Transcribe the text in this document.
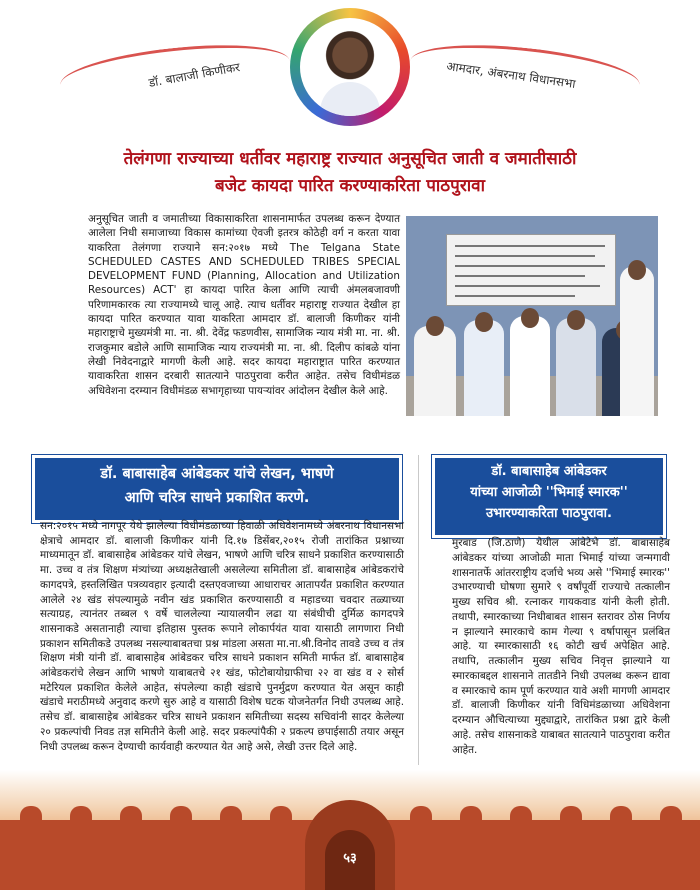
डॉ. बालाजी किणीकर	आमदार, अंबरनाथ विधानसभा
तेलंगणा राज्याच्या धर्तीवर महाराष्ट्र राज्यात अनुसूचित जाती व जमातीसाठी
बजेट कायदा पारित करण्याकरिता पाठपुरावा
अनुसूचित जाती व जमातीच्या विकासाकरिता शासनामार्फत उपलब्ध करून देण्यात आलेला निधी समाजाच्या विकास कामांच्या ऐवजी इतरत्र कोठेही वर्ग न करता यावा याकरिता तेलंगणा राज्याने सन:२०१७ मध्ये The Telgana State SCHEDULED CASTES AND SCHEDULED TRIBES SPECIAL DEVELOPMENT FUND (Planning, Allocation and Utilization Resources) ACT' हा कायदा पारित केला आणि त्याची अंमलबजावणी परिणामकारक त्या राज्यामध्ये चालू आहे. त्याच धर्तीवर महाराष्ट्र राज्यात देखील हा कायदा पारित करण्यात यावा याकरिता आमदार डॉ. बालाजी किणीकर यांनी महाराष्ट्राचे मुख्यमंत्री मा. ना. श्री. देवेंद्र फडणवीस, सामाजिक न्याय मंत्री मा. ना. श्री. राजकुमार बडोले आणि सामाजिक न्याय राज्यमंत्री मा. ना. श्री. दिलीप कांबळे यांना लेखी निवेदनाद्वारे मागणी केली आहे. सदर कायदा महाराष्ट्रात पारित करण्यात यावाकरिता शासन दरबारी सातत्याने पाठपुरावा करीत आहेत. तसेच विधीमंडळ अधिवेशना दरम्यान विधीमंडळ सभागृहाच्या पायऱ्यांवर आंदोलन देखील केले आहे.
डॉ. बाबासाहेब आंबेडकर यांचे लेखन, भाषणे
आणि चरित्र साधने प्रकाशित करणे.
डॉ. बाबासाहेब आंबेडकर
यांच्या आजोळी ''भिमाई स्मारक''
उभारण्याकरिता पाठपुरावा.
सन:२०१५ मध्ये नागपूर येथे झालेल्या विधीमंडळाच्या हिवाळी अधिवेशनामध्ये अंबरनाथ विधानसभा क्षेत्राचे आमदार डॉ. बालाजी किणीकर यांनी दि.१७ डिसेंबर,२०१५ रोजी तारांकित प्रश्नाच्या माध्यमातून डॉ. बाबासाहेब आंबेडकर यांचे लेखन, भाषणे आणि चरित्र साधने प्रकाशित करण्यासाठी मा. उच्च व तंत्र शिक्षण मंत्र्यांच्या अध्यक्षतेखाली असलेल्या समितीला डॉ. बाबासाहेब आंबेडकरांचे कागदपत्रे, हस्तलिखित पत्रव्यवहार इत्यादी दस्तएवजाच्या आधाराचर आतापर्यंत प्रकाशित करण्यात आलेले २४ खंड संपल्यामुळे नवीन खंड प्रकाशित करण्यासाठी व महाडच्या चवदार तळ्याच्या सत्याग्रह, त्यानंतर तब्बल ९ वर्षे चाललेल्या न्यायालयीन लढा या संबंधीची दुर्मिळ कागदपत्रे शासनाकडे असतानाही त्याचा इतिहास पुस्तक रूपाने लोकार्पयंत यावा यासाठी लागणारा निधी प्रकाशन समितीकडे उपलब्ध नसल्याबाबतचा प्रश्न मांडला असता मा.ना.श्री.विनोद तावडे उच्च व तंत्र शिक्षण मंत्री यांनी डॉ. बाबासाहेब आंबेडकर चरित्र साधने प्रकाशन समिती मार्फत डॉ. बाबासाहेब आंबेडकरांचे लेखन आणि भाषणे याबाबतचे २१ खंड, फोटोबायोग्राफीचा २२ वा खंड व २ सोर्स मटेरियल प्रकाशित केलेले आहेत, संपलेल्या काही खंडाचे पुनर्मुद्रण करण्यात येत असून काही खंडाचे मराठीमध्ये अनुवाद करणे सुरु आहे व यासाठी विशेष घटक योजनेतर्गत निधी उपलब्ध आहे. तसेच डॉ. बाबासाहेब आंबेडकर चरित्र साधने प्रकाशन समितीच्या सदस्य सचिवांनी सादर केलेल्या २० प्रकल्पांची निवड तज्ञ समितीने केली आहे. सदर प्रकल्पांपैकी २ प्रकल्प छपाईसाठी तयार असून निधी उपलब्ध करून देण्याची कार्यवाही करण्यात येत आहे असे, लेखी उत्तर दिले आहे.
मुरबाड (जि.ठाणे) येथील आंबेटेभे डॉ. बाबासाहेब आंबेडकर यांच्या आजोळी माता भिमाई यांच्या जन्मगावी शासनातर्फे आंतरराष्ट्रीय दर्जाचे भव्य असे ''भिमाई स्मारक'' उभारण्याची घोषणा सुमारे ९ वर्षांपूर्वी राज्याचे तत्कालीन मुख्य सचिव श्री. रत्नाकर गायकवाड यांनी केली होती. तथापी, स्मारकाच्या निधीबाबत शासन स्तरावर ठोस निर्णय न झाल्याने स्मारकाचे काम गेल्या ९ वर्षापासून प्रलंबित आहे. या स्मारकासाठी १६ कोटी खर्च अपेक्षित आहे. तथापि, तत्कालीन मुख्य सचिव निवृत्त झाल्याने या स्मारकाबद्दल शासनाने तातडीने निधी उपलब्ध करून द्यावा व स्मारकाचे काम पूर्ण करण्यात यावे अशी मागणी आमदार डॉ. बालाजी किणीकर यांनी विधिमंडळाच्या अधिवेशना दरम्यान औचित्याच्या मुद्द्याद्वारे, तारांकित प्रश्ना द्वारे केली आहे. तसेच शासनाकडे याबाबत सातत्याने पाठपुरावा करीत आहेत.
५३
